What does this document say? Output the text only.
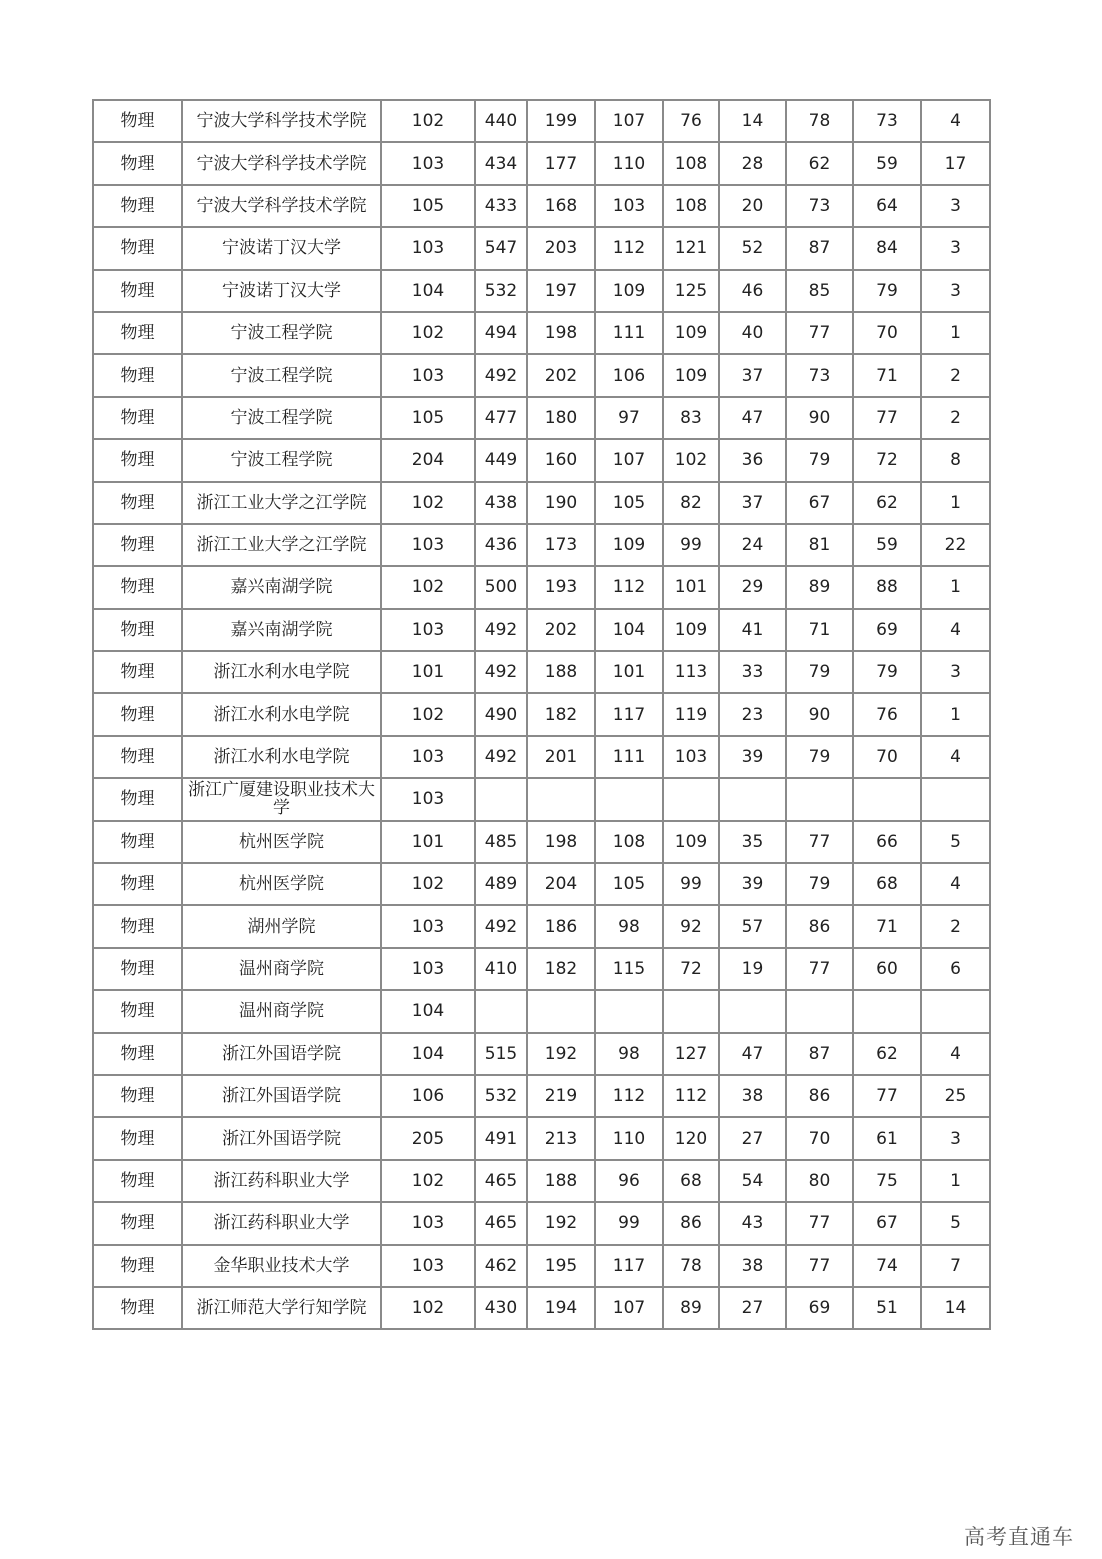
物理	宁波大学科学技术学院	102	440	199	107	76	14	78	73	4
物理	宁波大学科学技术学院	103	434	177	110	108	28	62	59	17
物理	宁波大学科学技术学院	105	433	168	103	108	20	73	64	3
物理	宁波诺丁汉大学	103	547	203	112	121	52	87	84	3
物理	宁波诺丁汉大学	104	532	197	109	125	46	85	79	3
物理	宁波工程学院	102	494	198	111	109	40	77	70	1
物理	宁波工程学院	103	492	202	106	109	37	73	71	2
物理	宁波工程学院	105	477	180	97	83	47	90	77	2
物理	宁波工程学院	204	449	160	107	102	36	79	72	8
物理	浙江工业大学之江学院	102	438	190	105	82	37	67	62	1
物理	浙江工业大学之江学院	103	436	173	109	99	24	81	59	22
物理	嘉兴南湖学院	102	500	193	112	101	29	89	88	1
物理	嘉兴南湖学院	103	492	202	104	109	41	71	69	4
物理	浙江水利水电学院	101	492	188	101	113	33	79	79	3
物理	浙江水利水电学院	102	490	182	117	119	23	90	76	1
物理	浙江水利水电学院	103	492	201	111	103	39	79	70	4
物理	浙江广厦建设职业技术大学	103								
物理	杭州医学院	101	485	198	108	109	35	77	66	5
物理	杭州医学院	102	489	204	105	99	39	79	68	4
物理	湖州学院	103	492	186	98	92	57	86	71	2
物理	温州商学院	103	410	182	115	72	19	77	60	6
物理	温州商学院	104								
物理	浙江外国语学院	104	515	192	98	127	47	87	62	4
物理	浙江外国语学院	106	532	219	112	112	38	86	77	25
物理	浙江外国语学院	205	491	213	110	120	27	70	61	3
物理	浙江药科职业大学	102	465	188	96	68	54	80	75	1
物理	浙江药科职业大学	103	465	192	99	86	43	77	67	5
物理	金华职业技术大学	103	462	195	117	78	38	77	74	7
物理	浙江师范大学行知学院	102	430	194	107	89	27	69	51	14
高考直通车
